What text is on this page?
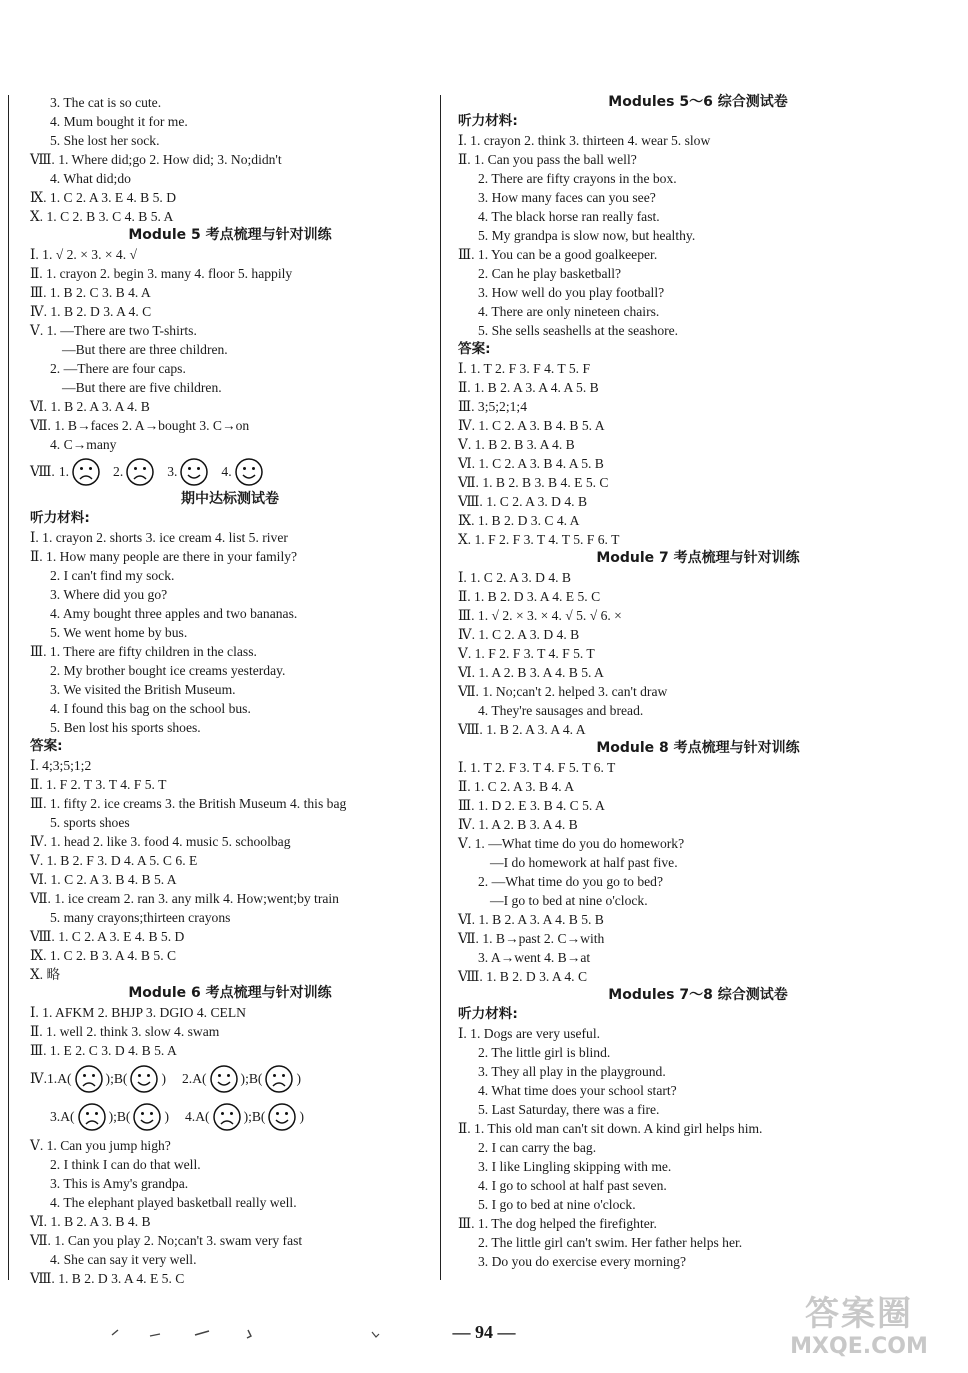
3. The cat is so cute.
4. Mum bought it for me.
5. She lost her sock.
Ⅷ. 1. Where did;go 2. How did; 3. No;didn't
4. What did;do
Ⅸ. 1. C 2. A 3. E 4. B 5. D
Ⅹ. 1. C 2. B 3. C 4. B 5. A
Module 5 考点梳理与针对训练
Ⅰ. 1. √ 2. × 3. × 4. √
Ⅱ. 1. crayon 2. begin 3. many 4. floor 5. happily
Ⅲ. 1. B 2. C 3. B 4. A
Ⅳ. 1. B 2. D 3. A 4. C
Ⅴ. 1. —There are two T-shirts.
—But there are three children.
2. —There are four caps.
—But there are five children.
Ⅵ. 1. B 2. A 3. A 4. B
Ⅶ. 1. B→faces 2. A→bought 3. C→on
4. C→many
Ⅷ. 1.	2.	3.	4.
期中达标测试卷
听力材料:
Ⅰ. 1. crayon 2. shorts 3. ice cream 4. list 5. river
Ⅱ. 1. How many people are there in your family?
2. I can't find my sock.
3. Where did you go?
4. Amy bought three apples and two bananas.
5. We went home by bus.
Ⅲ. 1. There are fifty children in the class.
2. My brother bought ice creams yesterday.
3. We visited the British Museum.
4. I found this bag on the school bus.
5. Ben lost his sports shoes.
答案:
Ⅰ. 4;3;5;1;2
Ⅱ. 1. F 2. T 3. T 4. F 5. T
Ⅲ. 1. fifty 2. ice creams 3. the British Museum 4. this bag
5. sports shoes
Ⅳ. 1. head 2. like 3. food 4. music 5. schoolbag
Ⅴ. 1. B 2. F 3. D 4. A 5. C 6. E
Ⅵ. 1. C 2. A 3. B 4. B 5. A
Ⅶ. 1. ice cream 2. ran 3. any milk 4. How;went;by train
5. many crayons;thirteen crayons
Ⅷ. 1. C 2. A 3. E 4. B 5. D
Ⅸ. 1. C 2. B 3. A 4. B 5. C
Ⅹ. 略
Module 6 考点梳理与针对训练
Ⅰ. 1. AFKM 2. BHJP 3. DGIO 4. CELN
Ⅱ. 1. well 2. think 3. slow 4. swam
Ⅲ. 1. E 2. C 3. D 4. B 5. A
Ⅳ. 1. A(	);B(	) 2. A(	);B(	)
3. A(	);B(	) 4. A(	);B(	)
Ⅴ. 1. Can you jump high?
2. I think I can do that well.
3. This is Amy's grandpa.
4. The elephant played basketball really well.
Ⅵ. 1. B 2. A 3. B 4. B
Ⅶ. 1. Can you play 2. No;can't 3. swam very fast
4. She can say it very well.
Ⅷ. 1. B 2. D 3. A 4. E 5. C
Modules 5～6 综合测试卷
听力材料:
Ⅰ. 1. crayon 2. think 3. thirteen 4. wear 5. slow
Ⅱ. 1. Can you pass the ball well?
2. There are fifty crayons in the box.
3. How many faces can you see?
4. The black horse ran really fast.
5. My grandpa is slow now, but healthy.
Ⅲ. 1. You can be a good goalkeeper.
2. Can he play basketball?
3. How well do you play football?
4. There are only nineteen chairs.
5. She sells seashells at the seashore.
答案:
Ⅰ. 1. T 2. F 3. F 4. T 5. F
Ⅱ. 1. B 2. A 3. A 4. A 5. B
Ⅲ. 3;5;2;1;4
Ⅳ. 1. C 2. A 3. B 4. B 5. A
Ⅴ. 1. B 2. B 3. A 4. B
Ⅵ. 1. C 2. A 3. B 4. A 5. B
Ⅶ. 1. B 2. B 3. B 4. E 5. C
Ⅷ. 1. C 2. A 3. D 4. B
Ⅸ. 1. B 2. D 3. C 4. A
Ⅹ. 1. F 2. F 3. T 4. T 5. F 6. T
Module 7 考点梳理与针对训练
Ⅰ. 1. C 2. A 3. D 4. B
Ⅱ. 1. B 2. D 3. A 4. E 5. C
Ⅲ. 1. √ 2. × 3. × 4. √ 5. √ 6. ×
Ⅳ. 1. C 2. A 3. D 4. B
Ⅴ. 1. F 2. F 3. T 4. F 5. T
Ⅵ. 1. A 2. B 3. A 4. B 5. A
Ⅶ. 1. No;can't 2. helped 3. can't draw
4. They're sausages and bread.
Ⅷ. 1. B 2. A 3. A 4. A
Module 8 考点梳理与针对训练
Ⅰ. 1. T 2. F 3. T 4. F 5. T 6. T
Ⅱ. 1. C 2. A 3. B 4. A
Ⅲ. 1. D 2. E 3. B 4. C 5. A
Ⅳ. 1. A 2. B 3. A 4. B
Ⅴ. 1. —What time do you do homework?
—I do homework at half past five.
2. —What time do you go to bed?
—I go to bed at nine o'clock.
Ⅵ. 1. B 2. A 3. A 4. B 5. B
Ⅶ. 1. B→past 2. C→with
3. A→went 4. B→at
Ⅷ. 1. B 2. D 3. A 4. C
Modules 7～8 综合测试卷
听力材料:
Ⅰ. 1. Dogs are very useful.
2. The little girl is blind.
3. They all play in the playground.
4. What time does your school start?
5. Last Saturday, there was a fire.
Ⅱ. 1. This old man can't sit down. A kind girl helps him.
2. I can carry the bag.
3. I like Lingling skipping with me.
4. I go to school at half past seven.
5. I go to bed at nine o'clock.
Ⅲ. 1. The dog helped the firefighter.
2. The little girl can't swim. Her father helps her.
3. Do you do exercise every morning?
— 94 —	答案圈
MXQE.COM
